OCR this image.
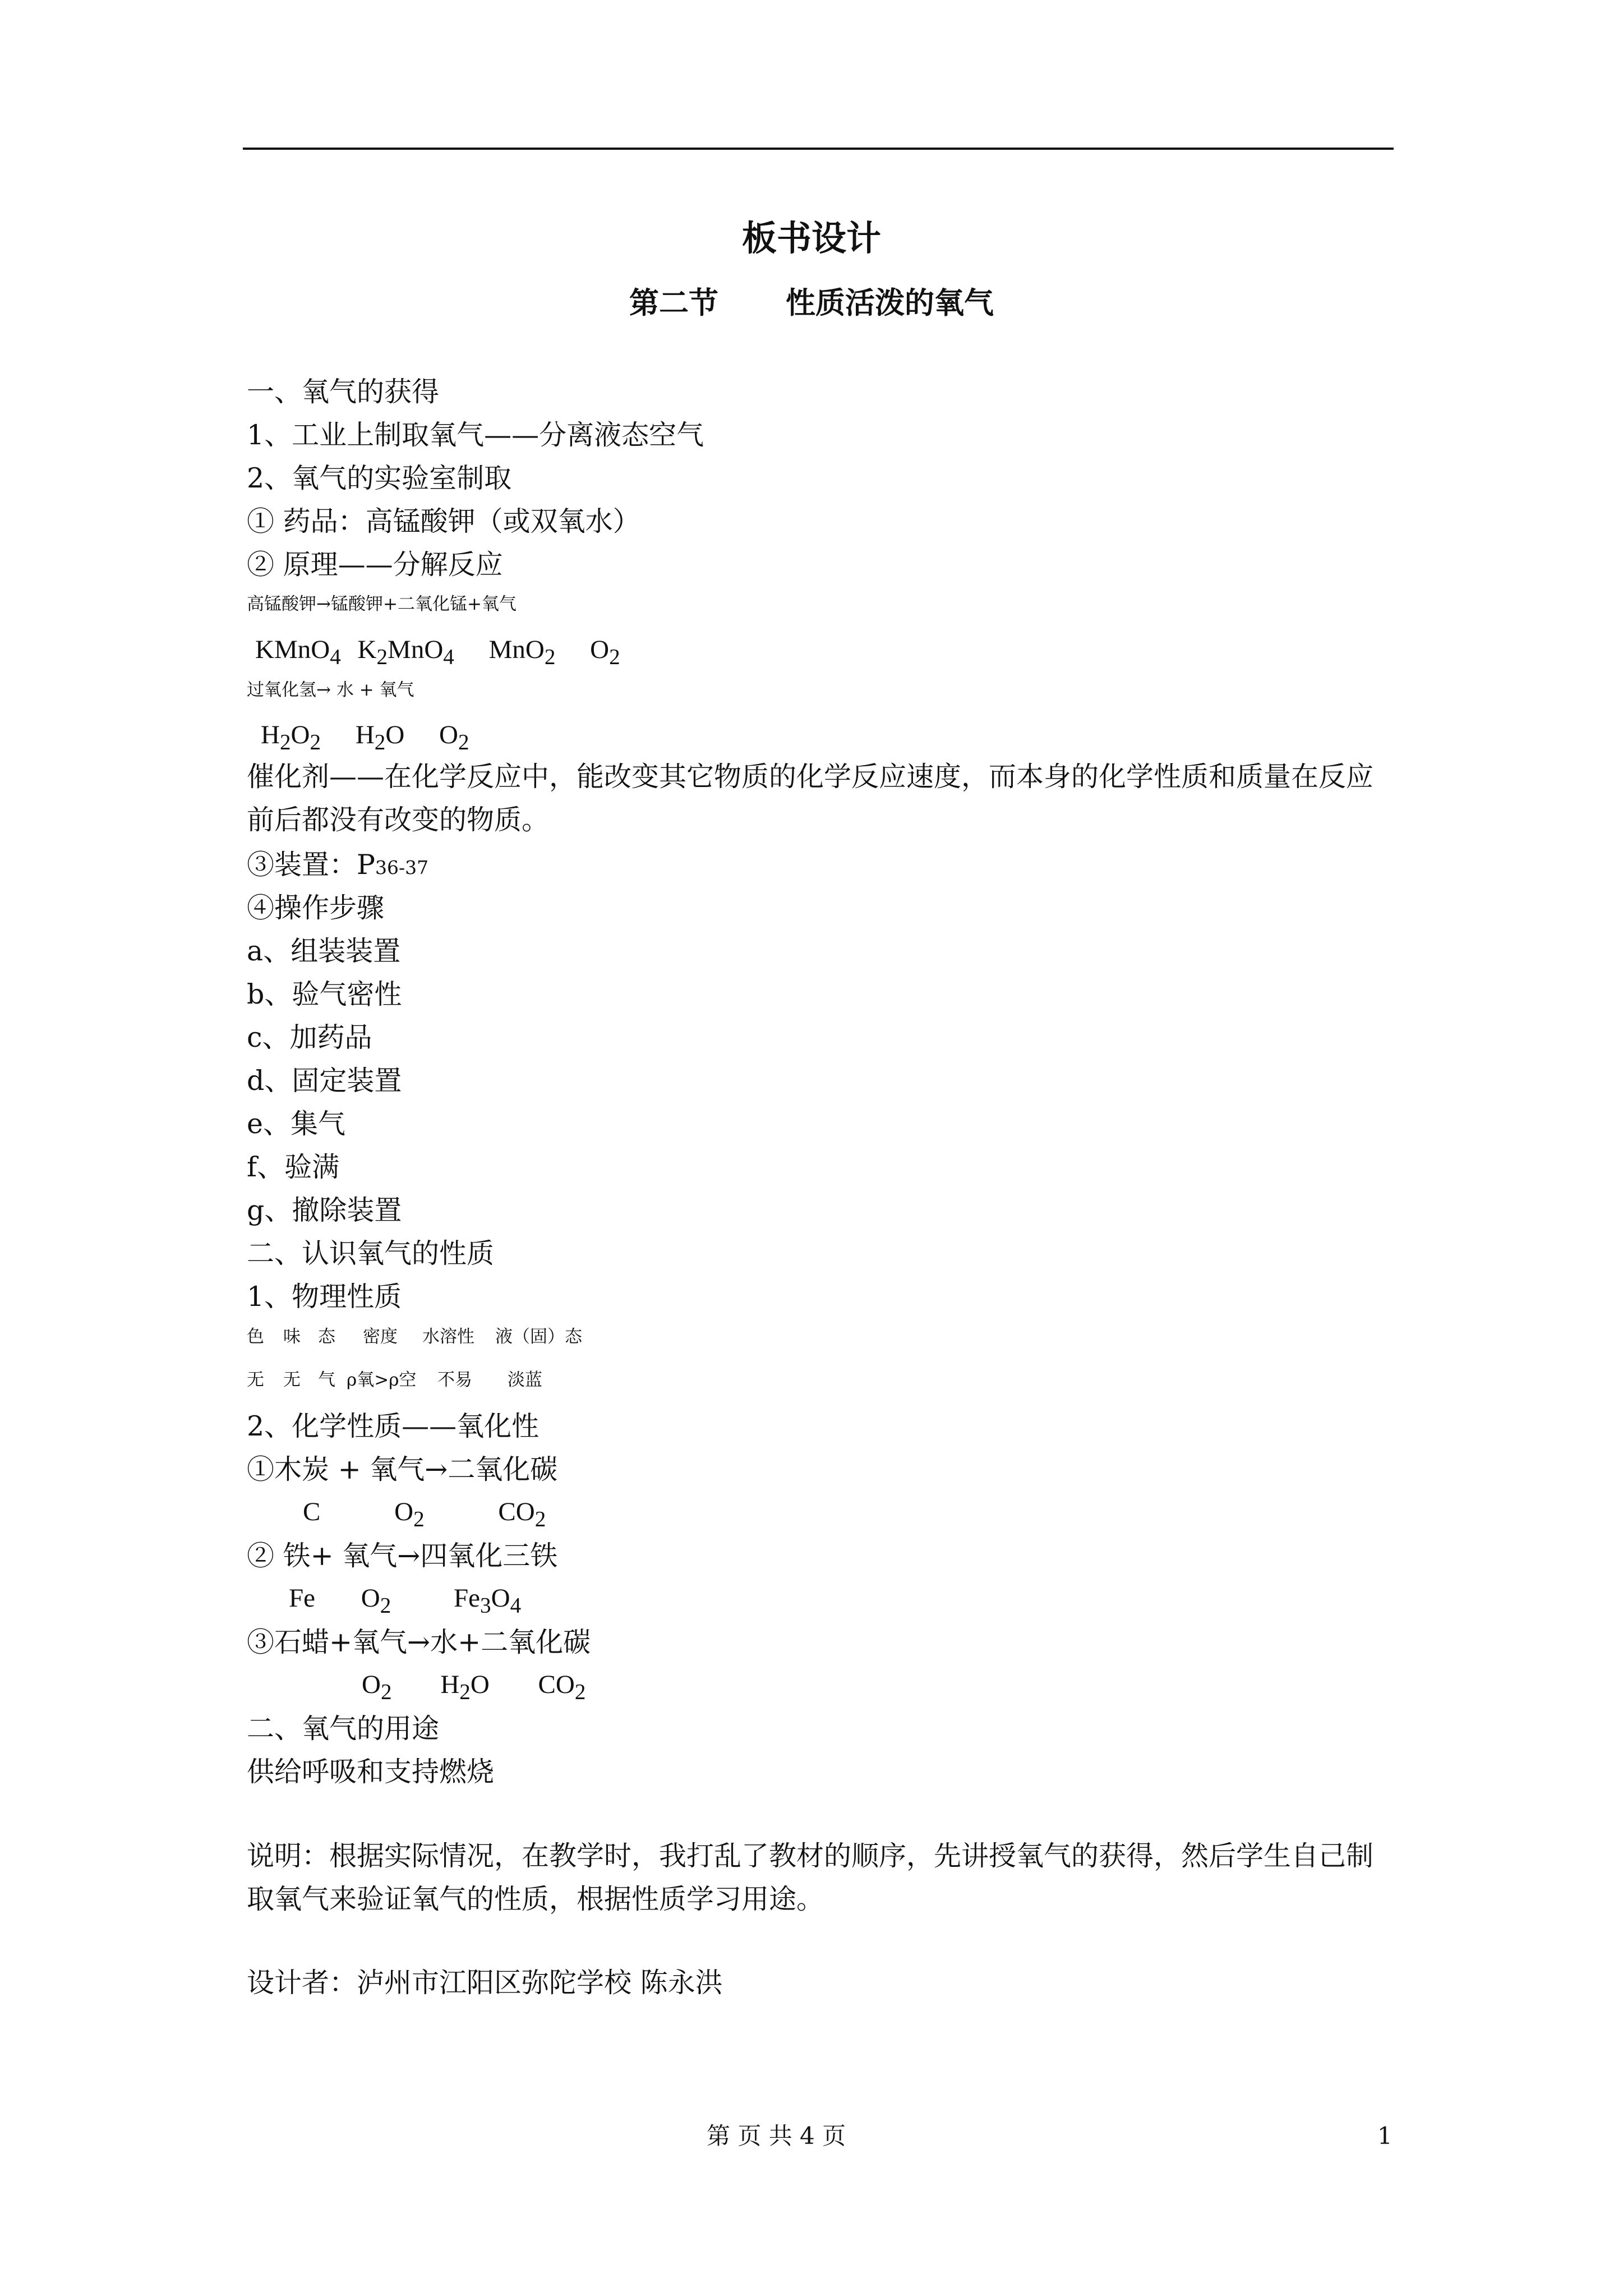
板书设计
第二节 性质活泼的氧气
一、氧气的获得
1、工业上制取氧气——分离液态空气
2、氧气的实验室制取
① 药品：高锰酸钾（或双氧水）
② 原理——分解反应
高锰酸钾→锰酸钾+二氧化锰+氧气
KMnO$_4$ $K_2MnO_4$ MnO$_2$ $O_2$
过氧化氢→ 水 + 氧气
$H_2O_2$ $H_2O$ $O_2$
催化剂——在化学反应中，能改变其它物质的化学反应速度，而本身的化学性质和质量在反应前后都没有改变的物质。
③装置：P36-37
④操作步骤
a、组装装置
b、验气密性
c、加药品
d、固定装置
e、集气
f、验满
g、撤除装置
二、认识氧气的性质
1、物理性质
色 味 态 密度 水溶性 液（固）态
无 无 气 ρ氧>ρ空 不易 淡蓝
2、化学性质——氧化性
①木炭 + 氧气→二氧化碳
C	$O_2$	$CO_2$
② 铁+ 氧气→四氧化三铁
Fe $O_2$ $Fe_3O_4$
③石蜡+氧气→水+二氧化碳
$O_2$ $H_2O$ $CO_2$
二、氧气的用途
供给呼吸和支持燃烧
说明：根据实际情况，在教学时，我打乱了教材的顺序，先讲授氧气的获得，然后学生自己制取氧气来验证氧气的性质，根据性质学习用途。
设计者：泸州市江阳区弥陀学校 陈永洪
第 页 共 4 页	1
